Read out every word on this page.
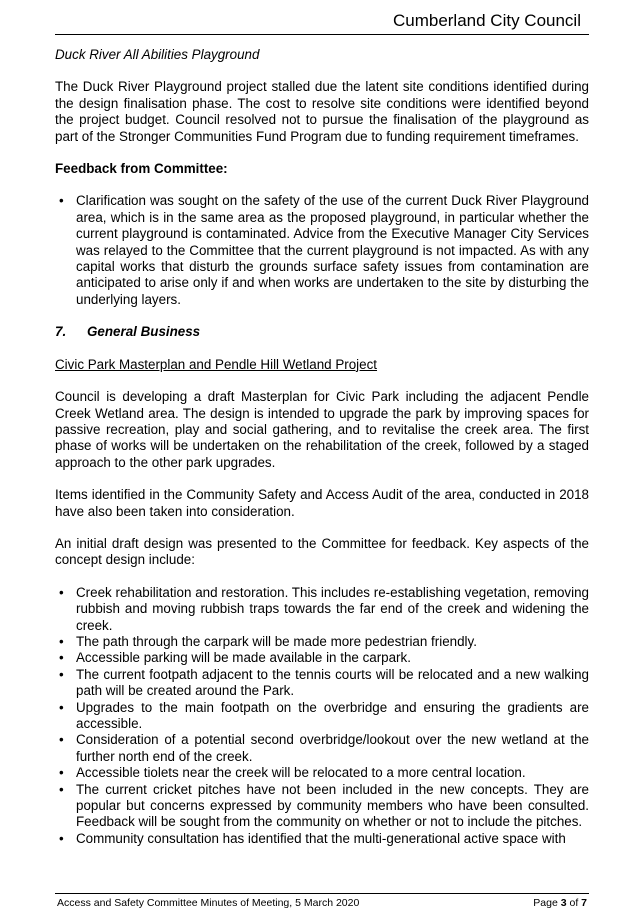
Cumberland City Council
Duck River All Abilities Playground

The Duck River Playground project stalled due the latent site conditions identified during the design finalisation phase. The cost to resolve site conditions were identified beyond the project budget. Council resolved not to pursue the finalisation of the playground as part of the Stronger Communities Fund Program due to funding requirement timeframes.

Feedback from Committee:
• Clarification was sought on the safety of the use of the current Duck River Playground area, which is in the same area as the proposed playground, in particular whether the current playground is contaminated. Advice from the Executive Manager City Services was relayed to the Committee that the current playground is not impacted. As with any capital works that disturb the grounds surface safety issues from contamination are anticipated to arise only if and when works are undertaken to the site by disturbing the underlying layers.
7.	General Business
Civic Park Masterplan and Pendle Hill Wetland Project

Council is developing a draft Masterplan for Civic Park including the adjacent Pendle Creek Wetland area. The design is intended to upgrade the park by improving spaces for passive recreation, play and social gathering, and to revitalise the creek area. The first phase of works will be undertaken on the rehabilitation of the creek, followed by a staged approach to the other park upgrades.

Items identified in the Community Safety and Access Audit of the area, conducted in 2018 have also been taken into consideration.

An initial draft design was presented to the Committee for feedback. Key aspects of the concept design include:

• Creek rehabilitation and restoration. This includes re-establishing vegetation, removing rubbish and moving rubbish traps towards the far end of the creek and widening the creek.
• The path through the carpark will be made more pedestrian friendly.
• Accessible parking will be made available in the carpark.
• The current footpath adjacent to the tennis courts will be relocated and a new walking path will be created around the Park.
• Upgrades to the main footpath on the overbridge and ensuring the gradients are accessible.
• Consideration of a potential second overbridge/lookout over the new wetland at the further north end of the creek.
• Accessible tiolets near the creek will be relocated to a more central location.
• The current cricket pitches have not been included in the new concepts. They are popular but concerns expressed by community members who have been consulted. Feedback will be sought from the community on whether or not to include the pitches.
• Community consultation has identified that the multi-generational active space with
Access and Safety Committee Minutes of Meeting, 5 March 2020	Page 3 of 7
